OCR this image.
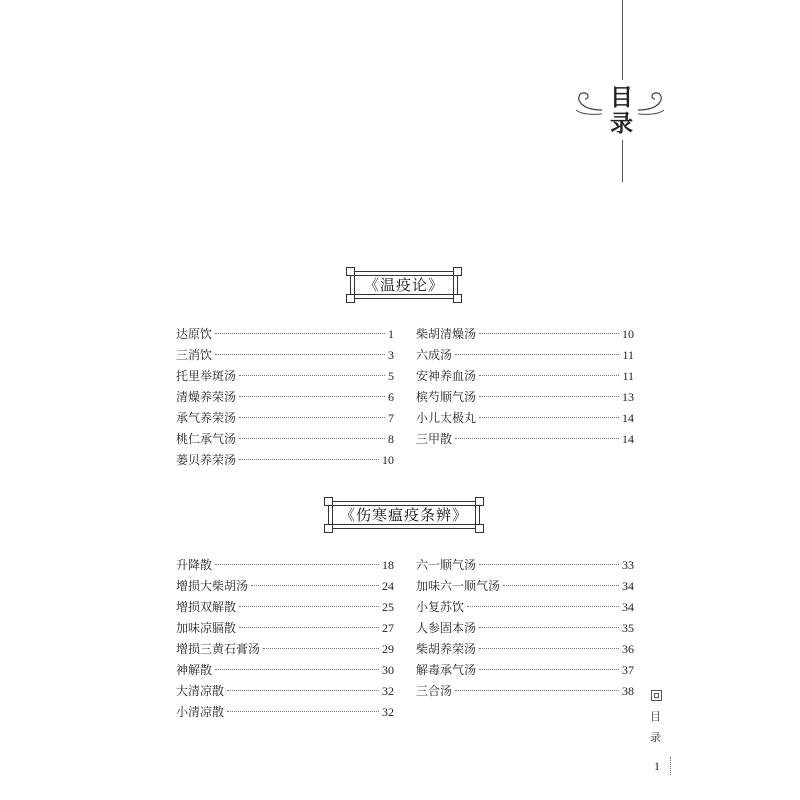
目
录
《温疫论》
达原饮	1
三消饮	3
托里举斑汤	5
清燥养荣汤	6
承气养荣汤	7
桃仁承气汤	8
蒌贝养荣汤	10
柴胡清燥汤	10
六成汤	11
安神养血汤	11
槟芍顺气汤	13
小儿太极丸	14
三甲散	14
《伤寒瘟疫条辨》
升降散	18
增损大柴胡汤	24
增损双解散	25
加味凉膈散	27
增损三黄石膏汤	29
神解散	30
大清凉散	32
小清凉散	32
六一顺气汤	33
加味六一顺气汤	34
小复苏饮	34
人参固本汤	35
柴胡养荣汤	36
解毒承气汤	37
三合汤	38
目
录
1
